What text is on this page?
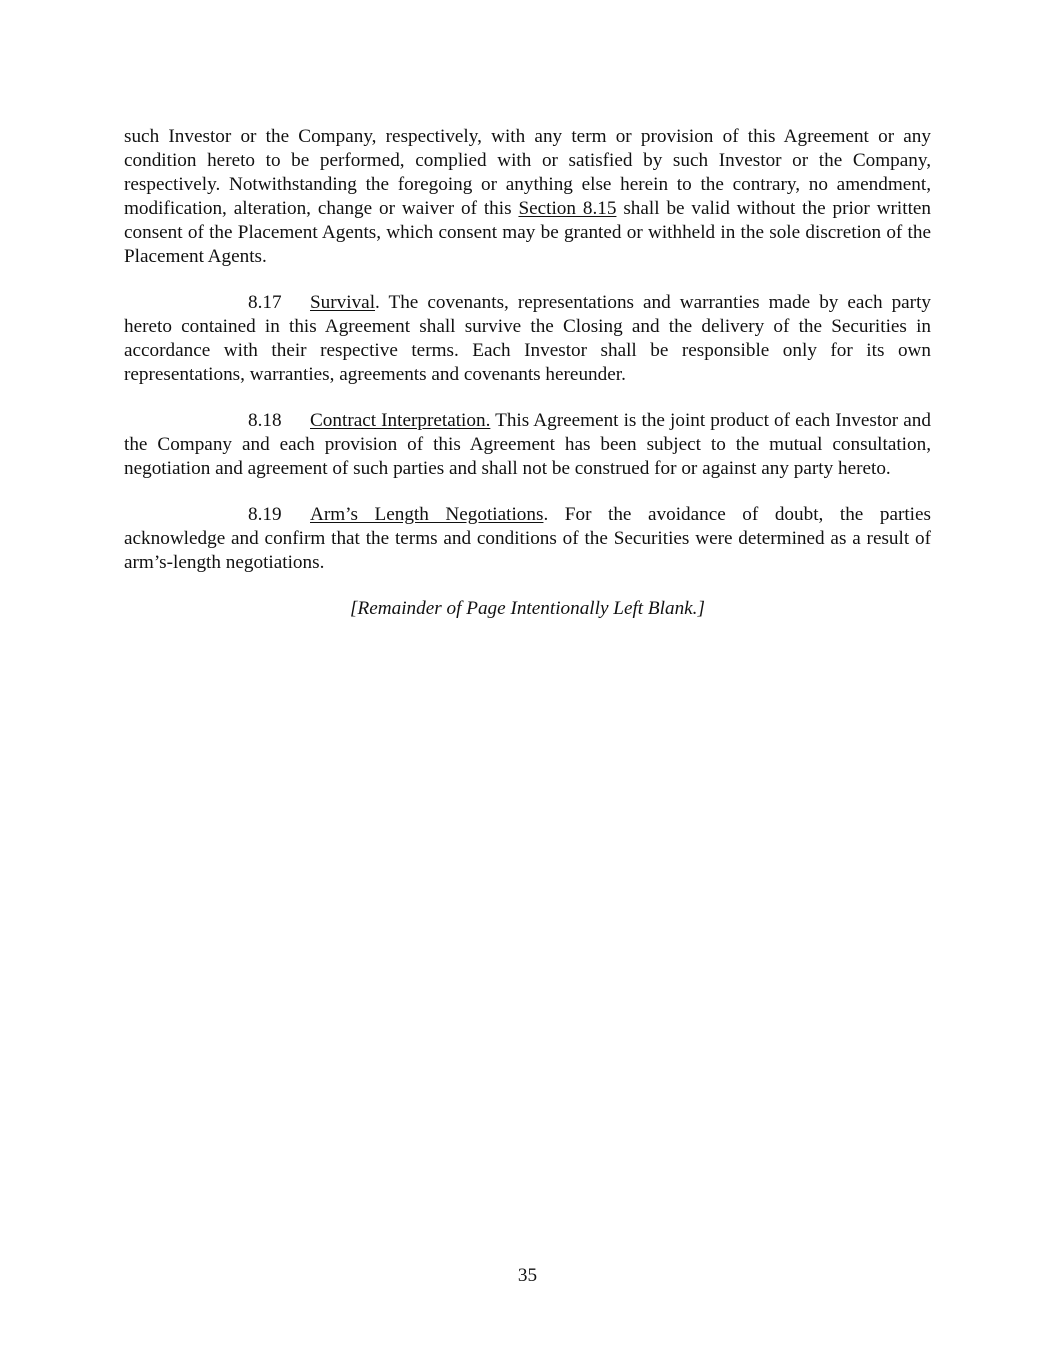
such Investor or the Company, respectively, with any term or provision of this Agreement or any condition hereto to be performed, complied with or satisfied by such Investor or the Company, respectively. Notwithstanding the foregoing or anything else herein to the contrary, no amendment, modification, alteration, change or waiver of this Section 8.15 shall be valid without the prior written consent of the Placement Agents, which consent may be granted or withheld in the sole discretion of the Placement Agents.

8.17 Survival. The covenants, representations and warranties made by each party hereto contained in this Agreement shall survive the Closing and the delivery of the Securities in accordance with their respective terms. Each Investor shall be responsible only for its own representations, warranties, agreements and covenants hereunder.

8.18 Contract Interpretation. This Agreement is the joint product of each Investor and the Company and each provision of this Agreement has been subject to the mutual consultation, negotiation and agreement of such parties and shall not be construed for or against any party hereto.

8.19 Arm’s Length Negotiations. For the avoidance of doubt, the parties acknowledge and confirm that the terms and conditions of the Securities were determined as a result of arm’s-length negotiations.

[Remainder of Page Intentionally Left Blank.]

35
